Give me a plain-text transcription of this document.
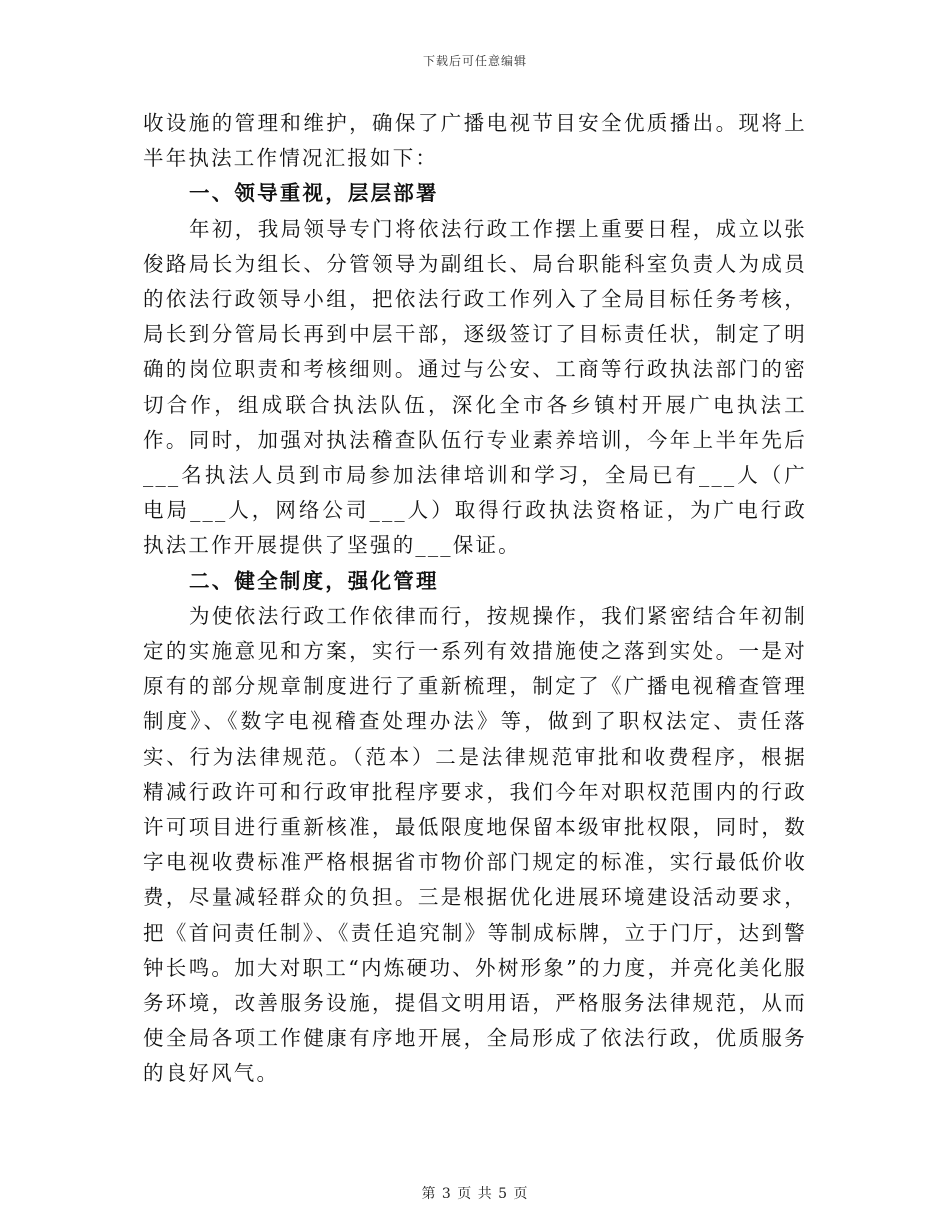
下载后可任意编辑

收设施的管理和维护，确保了广播电视节目安全优质播出。现将上半年执法工作情况汇报如下：

一、领导重视，层层部署

年初，我局领导专门将依法行政工作摆上重要日程，成立以张俊路局长为组长、分管领导为副组长、局台职能科室负责人为成员的依法行政领导小组，把依法行政工作列入了全局目标任务考核，局长到分管局长再到中层干部，逐级签订了目标责任状，制定了明确的岗位职责和考核细则。通过与公安、工商等行政执法部门的密切合作，组成联合执法队伍，深化全市各乡镇村开展广电执法工作。同时，加强对执法稽查队伍行专业素养培训，今年上半年先后___名执法人员到市局参加法律培训和学习，全局已有___人（广电局___人，网络公司___人）取得行政执法资格证，为广电行政执法工作开展提供了坚强的___保证。

二、健全制度，强化管理

为使依法行政工作依律而行，按规操作，我们紧密结合年初制定的实施意见和方案，实行一系列有效措施使之落到实处。一是对原有的部分规章制度进行了重新梳理，制定了《广播电视稽查管理制度》、《数字电视稽查处理办法》等，做到了职权法定、责任落实、行为法律规范。（范本）二是法律规范审批和收费程序，根据精减行政许可和行政审批程序要求，我们今年对职权范围内的行政许可项目进行重新核准，最低限度地保留本级审批权限，同时，数字电视收费标准严格根据省市物价部门规定的标准，实行最低价收费，尽量减轻群众的负担。三是根据优化进展环境建设活动要求，把《首问责任制》、《责任追究制》等制成标牌，立于门厅，达到警钟长鸣。加大对职工“内炼硬功、外树形象”的力度，并亮化美化服务环境，改善服务设施，提倡文明用语，严格服务法律规范，从而使全局各项工作健康有序地开展，全局形成了依法行政，优质服务的良好风气。

第 3 页 共 5 页
